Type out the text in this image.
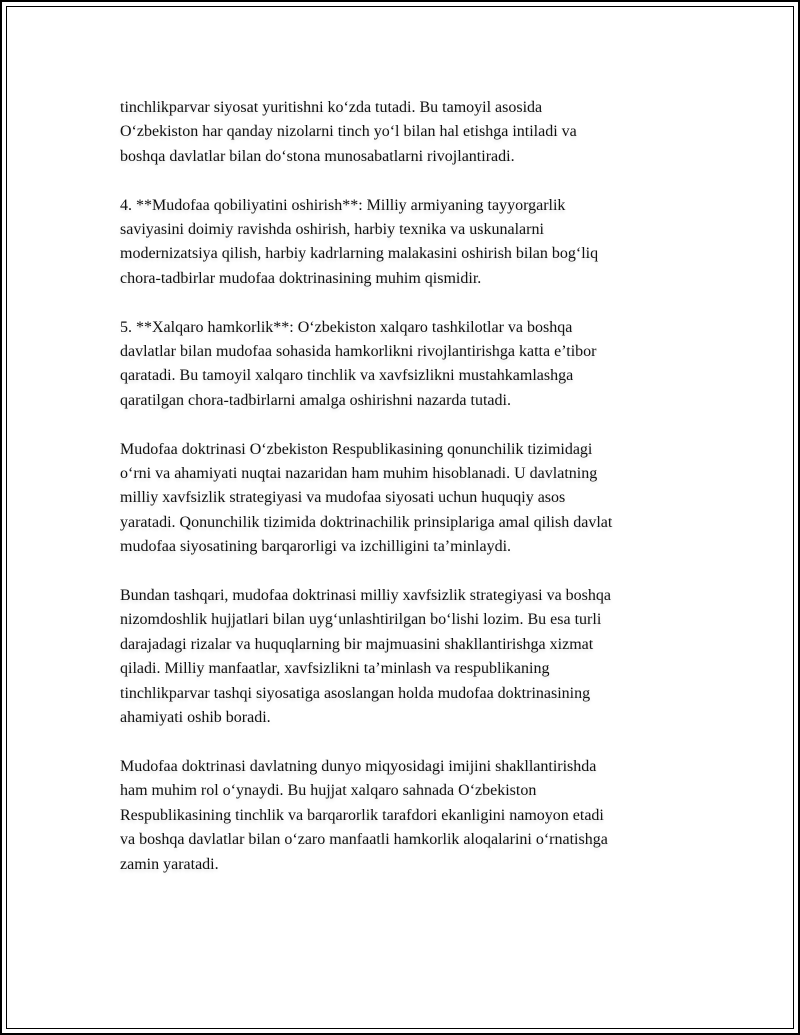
tinchlikparvar siyosat yuritishni ko‘zda tutadi. Bu tamoyil asosida
O‘zbekiston har qanday nizolarni tinch yo‘l bilan hal etishga intiladi va
boshqa davlatlar bilan do‘stona munosabatlarni rivojlantiradi.

4. **Mudofaa qobiliyatini oshirish**: Milliy armiyaning tayyorgarlik
saviyasini doimiy ravishda oshirish, harbiy texnika va uskunalarni
modernizatsiya qilish, harbiy kadrlarning malakasini oshirish bilan bog‘liq
chora-tadbirlar mudofaa doktrinasining muhim qismidir.

5. **Xalqaro hamkorlik**: O‘zbekiston xalqaro tashkilotlar va boshqa
davlatlar bilan mudofaa sohasida hamkorlikni rivojlantirishga katta e’tibor
qaratadi. Bu tamoyil xalqaro tinchlik va xavfsizlikni mustahkamlashga
qaratilgan chora-tadbirlarni amalga oshirishni nazarda tutadi.

Mudofaa doktrinasi O‘zbekiston Respublikasining qonunchilik tizimidagi
o‘rni va ahamiyati nuqtai nazaridan ham muhim hisoblanadi. U davlatning
milliy xavfsizlik strategiyasi va mudofaa siyosati uchun huquqiy asos
yaratadi. Qonunchilik tizimida doktrinachilik prinsiplariga amal qilish davlat
mudofaa siyosatining barqarorligi va izchilligini ta’minlaydi.

Bundan tashqari, mudofaa doktrinasi milliy xavfsizlik strategiyasi va boshqa
nizomdoshlik hujjatlari bilan uyg‘unlashtirilgan bo‘lishi lozim. Bu esa turli
darajadagi rizalar va huquqlarning bir majmuasini shakllantirishga xizmat
qiladi. Milliy manfaatlar, xavfsizlikni ta’minlash va respublikaning
tinchlikparvar tashqi siyosatiga asoslangan holda mudofaa doktrinasining
ahamiyati oshib boradi.

Mudofaa doktrinasi davlatning dunyo miqyosidagi imijini shakllantirishda
ham muhim rol o‘ynaydi. Bu hujjat xalqaro sahnada O‘zbekiston
Respublikasining tinchlik va barqarorlik tarafdori ekanligini namoyon etadi
va boshqa davlatlar bilan o‘zaro manfaatli hamkorlik aloqalarini o‘rnatishga
zamin yaratadi.
